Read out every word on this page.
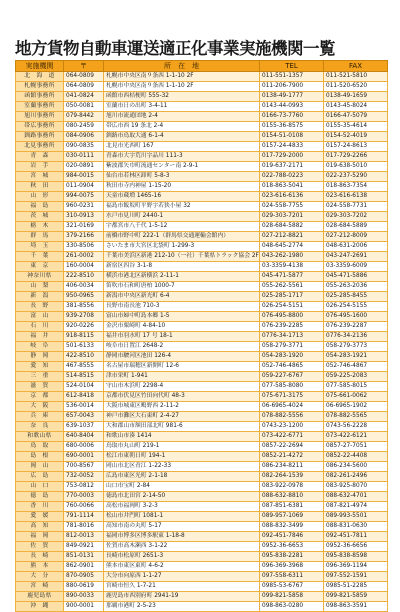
地方貨物自動車運送適正化事業実施機関一覧
実施機関	〒	所　在　地	TEL	FAX
北　海　道	064-0809	札幌市中央区南９条西 1-1-10 2F	011-551-1357	011-521-5810
札幌事務所	064-0809	札幌市中央区南９条西 1-1-10 2F	011-206-7900	011-520-6520
函館事務所	041-0824	函館市西桔梗町 555-32	0138-49-1777	0138-49-1659
室蘭事務所	050-0081	室蘭市日の出町 3-4-11	0143-44-0993	0143-45-8024
旭川事務所	079-8442	旭川市流通団地 2-4	0166-73-7760	0166-47-5079
帯広事務所	080-2459	帯広市西 19 条北 2-4	0155-36-8575	0155-35-4614
釧路事務所	084-0906	釧路市鳥取大通 6-1-4	0154-51-0108	0154-52-4019
北見事務所	090-0835	北見市光西町 167	0157-24-4833	0157-24-8613
青　森	030-0111	青森市大字荒川字品川 111-3	017-729-2000	017-729-2266
岩　手	020-0891	紫波郡矢巾町流通センター南 2-9-1	019-637-2171	019-638-5010
宮　城	984-0015	仙台市若林区卸町 5-8-3	022-788-0223	022-237-5290
秋　田	011-0904	秋田市寺内神屋 1-15-20	018-863-5041	018-863-7354
山　形	994-0075	天童市蔵増 1465-16	023-616-6136	023-616-6138
福　島	960-0231	福島市飯坂町平野字若狭小屋 32	024-558-7755	024-558-7731
茨　城	310-0913	水戸市見川町 2440-1	029-303-7201	029-303-7202
栃　木	321-0169	宇都宮市八千代 1-5-12	028-684-5882	028-684-5889
群　馬	379-2166	前橋市野中町 222-1（群馬県交通運輸会館内）	027-212-8821	027-212-8009
埼　玉	330-8506	さいたま市大宮区北袋町 1-299-3	048-645-2774	048-631-2006
千　葉	261-0002	千葉市美浜区新港 212-10（一社）千葉県トラック協会 2F	043-262-1980	043-247-2691
東　京	160-0004	新宿区四谷 3-1-8	03-3359-4138	03-3359-6009
神奈川県	222-8510	横浜市港北区新横浜 2-11-1	045-471-5877	045-471-5886
山　梨	406-0034	笛吹市石和町唐柏 1000-7	055-262-5561	055-263-2036
新　潟	950-0965	新潟市中央区新光町 6-4	025-285-1717	025-285-8455
長　野	381-8556	長野市南長池 710-3	026-254-5151	026-254-5155
富　山	939-2708	富山市婦中町島本郷 1-5	076-495-8800	076-495-1600
石　川	920-0226	金沢市粟崎町 4-84-10	076-239-2285	076-239-2287
福　井	918-8115	福井市羽水町 17 号 18-1	0776-34-1713	0776-34-2136
岐　阜	501-6133	岐阜市日置江 2648-2	058-279-3771	058-279-3773
静　岡	422-8510	静岡市駿河区池田 126-4	054-283-1920	054-283-1921
愛　知	467-8555	名古屋市瑞穂区新開町 12-6	052-746-4865	052-746-4867
三　重	514-8515	津市栄町 1-941	059-227-6767	059-225-2083
滋　賀	524-0104	守山市木浜町 2298-4	077-585-8080	077-585-8015
京　都	612-8418	京都市伏見区竹田向代町 48-3	075-671-3175	075-661-0062
大　阪	536-0014	大阪市城東区鴫野西 2-11-2	06-6965-4024	06-6965-1902
兵　庫	657-0043	神戸市灘区大石東町 2-4-27	078-882-5556	078-882-5565
奈　良	639-1037	大和郡山市額田部北町 981-6	0743-23-1200	0743-56-2228
和歌山県	640-8404	和歌山市湊 1414	073-422-6771	073-422-6121
鳥　取	680-0006	鳥取市丸山町 219-1	0857-22-2694	0857-27-7051
島　根	690-0001	松江市東朝日町 194-1	0852-21-4272	0852-22-4408
岡　山	700-8567	岡山市北区青江 1-22-33	086-234-8211	086-234-5600
広　島	732-0052	広島市東区光町 2-1-18	082-264-1539	082-261-2496
山　口	753-0812	山口市宝町 2-84	083-922-0978	083-925-8070
徳　島	770-0003	徳島市北田宮 2-14-50	088-632-8810	088-632-4701
香　川	760-0066	高松市福岡町 3-2-3	087-851-6381	087-821-4974
愛　媛	791-1114	松山市井門町 1081-1	089-957-1069	089-993-5501
高　知	781-8016	高知市南の丸町 5-17	088-832-3499	088-831-0630
福　岡	812-0013	福岡市博多区博多駅東 1-18-8	092-451-7846	092-451-7811
佐　賀	849-0921	佐賀市高木瀬西 3-1-22	0952-36-6653	0952-36-6656
長　崎	851-0131	長崎市松原町 2651-3	095-838-2281	095-838-8598
熊　本	862-0901	熊本市東区東町 4-6-2	096-369-3968	096-369-1194
大　分	870-0905	大分市向原西 1-1-27	097-558-6311	097-552-1591
宮　崎	880-0619	宮崎市恒久 1-7-21	0985-53-6767	0985-51-2285
鹿児島県	890-0033	鹿児島市西別府町 2941-19	099-821-5858	099-821-5859
沖　縄	900-0001	那覇市港町 2-5-23	098-863-0280	098-863-3591
